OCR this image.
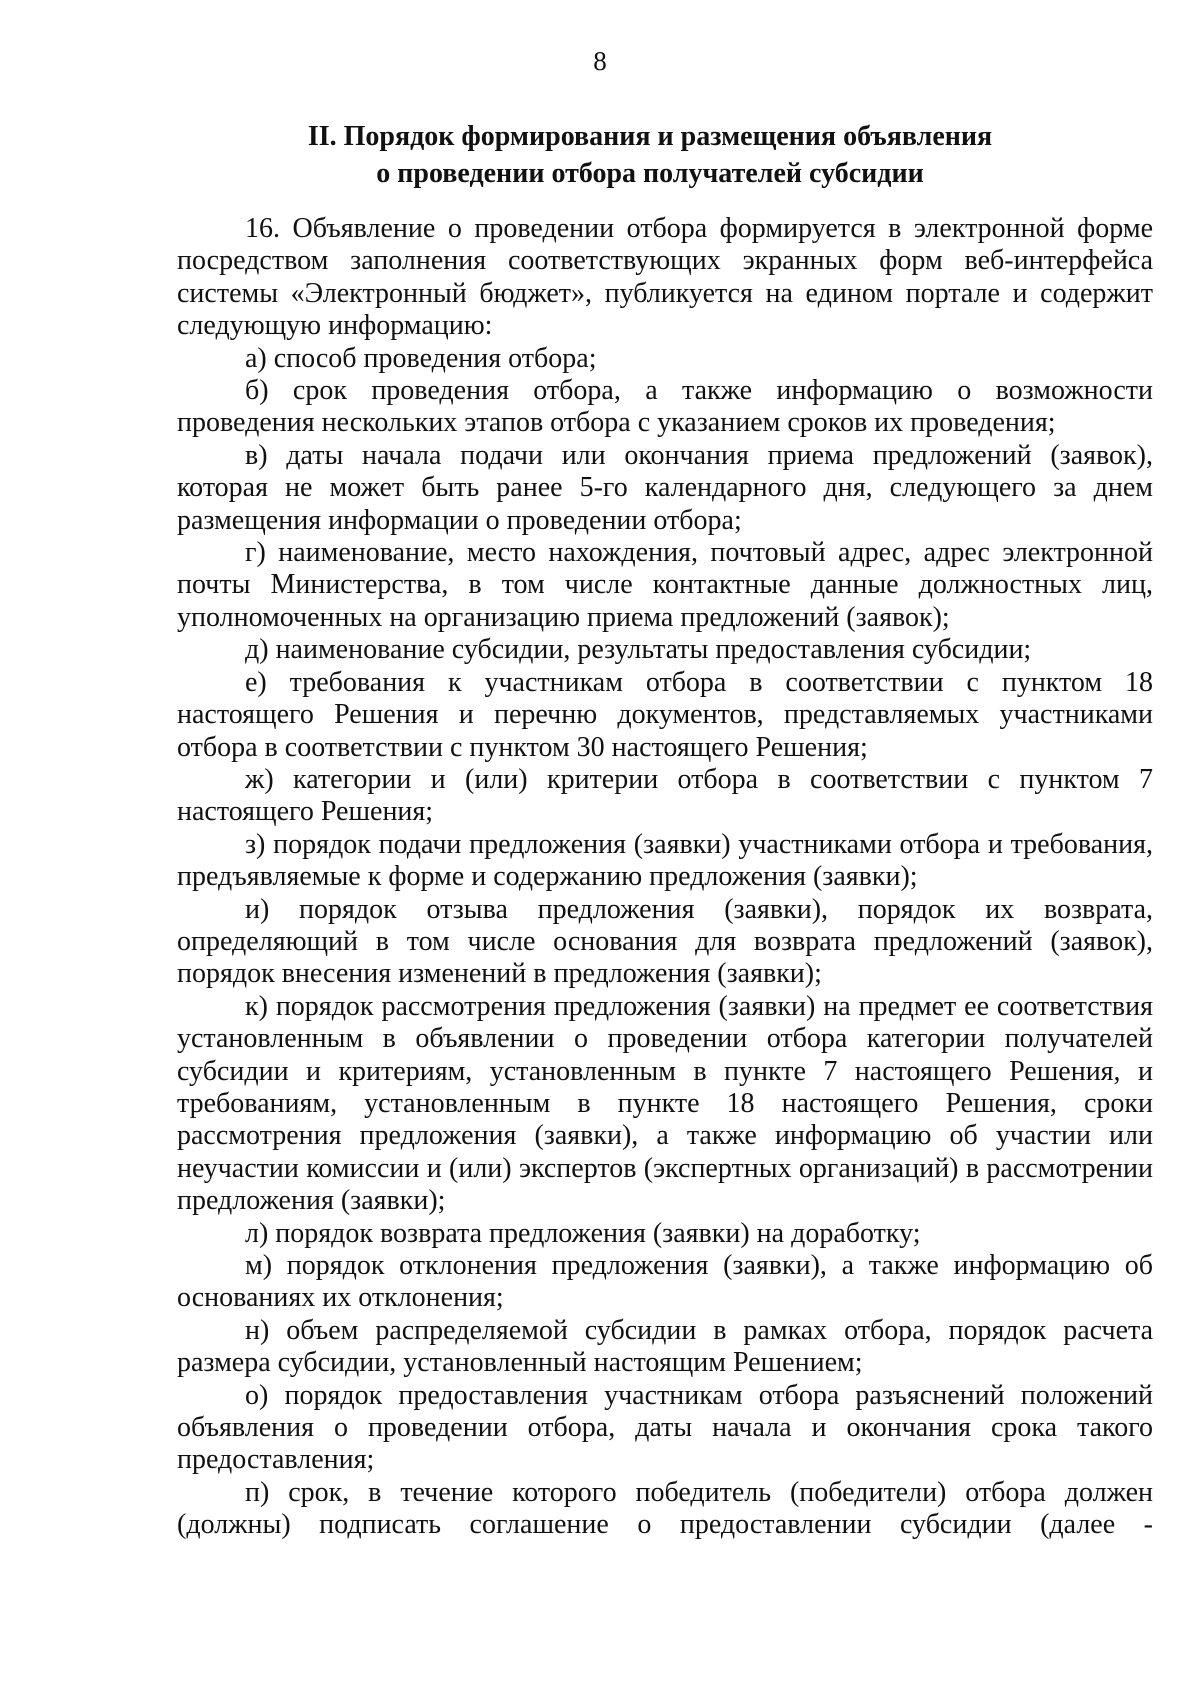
8
II. Порядок формирования и размещения объявления
о проведении отбора получателей субсидии

16. Объявление о проведении отбора формируется в электронной форме посредством заполнения соответствующих экранных форм веб-интерфейса системы «Электронный бюджет», публикуется на едином портале и содержит следующую информацию:

а) способ проведения отбора;

б) срок проведения отбора, а также информацию о возможности проведения нескольких этапов отбора с указанием сроков их проведения;

в) даты начала подачи или окончания приема предложений (заявок), которая не может быть ранее 5-го календарного дня, следующего за днем размещения информации о проведении отбора;

г) наименование, место нахождения, почтовый адрес, адрес электронной почты Министерства, в том числе контактные данные должностных лиц, уполномоченных на организацию приема предложений (заявок);

д) наименование субсидии, результаты предоставления субсидии;

е) требования к участникам отбора в соответствии с пунктом 18 настоящего Решения и перечню документов, представляемых участниками отбора в соответствии с пунктом 30 настоящего Решения;

ж) категории и (или) критерии отбора в соответствии с пунктом 7 настоящего Решения;

з) порядок подачи предложения (заявки) участниками отбора и требования, предъявляемые к форме и содержанию предложения (заявки);

и) порядок отзыва предложения (заявки), порядок их возврата, определяющий в том числе основания для возврата предложений (заявок), порядок внесения изменений в предложения (заявки);

к) порядок рассмотрения предложения (заявки) на предмет ее соответствия установленным в объявлении о проведении отбора категории получателей субсидии и критериям, установленным в пункте 7 настоящего Решения, и требованиям, установленным в пункте 18 настоящего Решения, сроки рассмотрения предложения (заявки), а также информацию об участии или неучастии комиссии и (или) экспертов (экспертных организаций) в рассмотрении предложения (заявки);

л) порядок возврата предложения (заявки) на доработку;

м) порядок отклонения предложения (заявки), а также информацию об основаниях их отклонения;

н) объем распределяемой субсидии в рамках отбора, порядок расчета размера субсидии, установленный настоящим Решением;

о) порядок предоставления участникам отбора разъяснений положений объявления о проведении отбора, даты начала и окончания срока такого предоставления;

п) срок, в течение которого победитель (победители) отбора должен (должны) подписать соглашение о предоставлении субсидии (далее -
